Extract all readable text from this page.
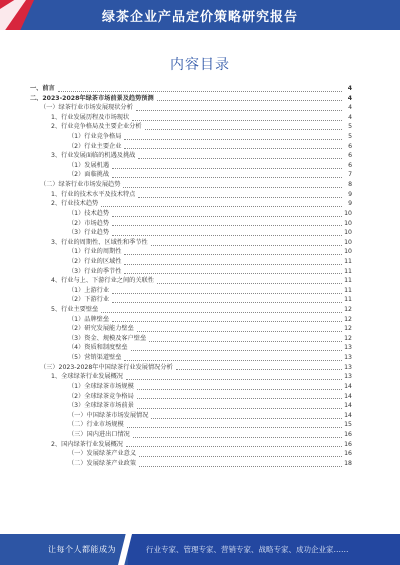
绿茶企业产品定价策略研究报告
内容目录
一、前言	4
二、2023-2028年绿茶市场前景及趋势预测	4
（一）绿茶行业市场发展现状分析	4
1、行业发展历程及市场现状	4
2、行业竞争格局及主要企业分析	5
（1）行业竞争格局	5
（2）行业主要企业	6
3、行业发展面临的机遇及挑战	6
（1）发展机遇	6
（2）面临挑战	7
（二）绿茶行业市场发展趋势	8
1、行业的技术水平及技术特点	9
2、行业技术趋势	9
（1）技术趋势	10
（2）市场趋势	10
（3）行业趋势	10
3、行业的周期性、区域性和季节性	10
（1）行业的周期性	10
（2）行业的区域性	11
（3）行业的季节性	11
4、行业与上、下游行业之间的关联性	11
（1）上游行业	11
（2）下游行业	11
5、行业主要壁垒	12
（1）品牌壁垒	12
（2）研究发展能力壁垒	12
（3）资金、规模及客户壁垒	12
（4）资质和制度壁垒	13
（5）营销渠道壁垒	13
（三）2023-2028年中国绿茶行业发展情况分析	13
1、全球绿茶行业发展概况	13
（1）全球绿茶市场规模	14
（2）全球绿茶竞争格局	14
（3）全球绿茶市场前景	14
（一）中国绿茶市场发展情况	14
（二）行业市场规模	15
（三）国内进出口情况	16
2、国内绿茶行业发展概况	16
（一）发展绿茶产业意义	16
（二）发展绿茶产业政策	18
让每个人都能成为	行业专家、管理专家、营销专家、战略专家、成功企业家……
